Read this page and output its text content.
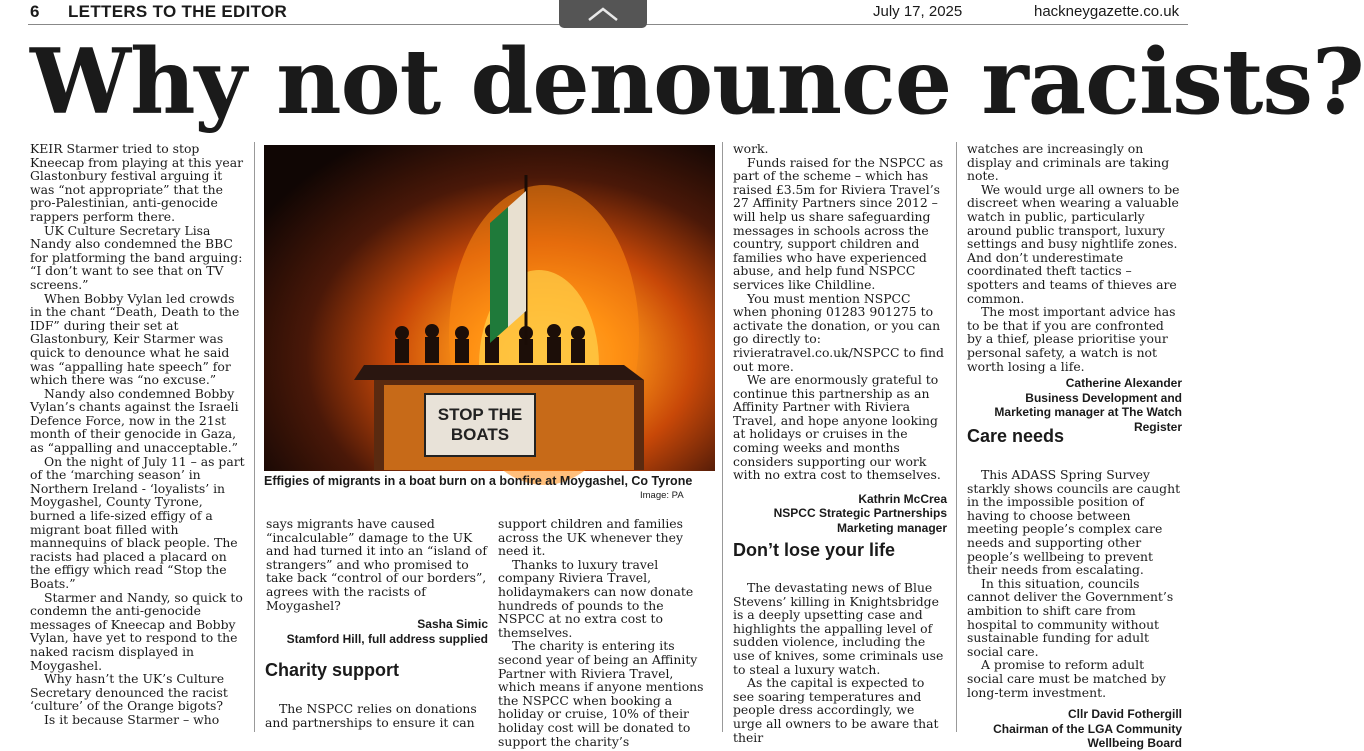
6 LETTERS TO THE EDITOR	July 17, 2025	hackneygazette.co.uk
Why not denounce racists?

KEIR Starmer tried to stop Kneecap from playing at this year Glastonbury festival arguing it was “not appropriate” that the pro-Palestinian, anti-genocide rappers perform there.

UK Culture Secretary Lisa Nandy also condemned the BBC for platforming the band arguing: “I don’t want to see that on TV screens.”

When Bobby Vylan led crowds in the chant “Death, Death to the IDF” during their set at Glastonbury, Keir Starmer was quick to denounce what he said was “appalling hate speech” for which there was “no excuse.”

Nandy also condemned Bobby Vylan’s chants against the Israeli Defence Force, now in the 21st month of their genocide in Gaza, as “appalling and unacceptable.”

On the night of July 11 – as part of the ‘marching season’ in Northern Ireland - ‘loyalists’ in Moygashel, County Tyrone, burned a life-sized effigy of a migrant boat filled with mannequins of black people. The racists had placed a placard on the effigy which read “Stop the Boats.”

Starmer and Nandy, so quick to condemn the anti-genocide messages of Kneecap and Bobby Vylan, have yet to respond to the naked racism displayed in Moygashel.

Why hasn’t the UK’s Culture Secretary denounced the racist ‘culture’ of the Orange bigots?

Is it because Starmer – who

STOP THE
BOATS
Effigies of migrants in a boat burn on a bonfire at Moygashel, Co Tyrone
Image: PA

says migrants have caused “incalculable” damage to the UK and had turned it into an “island of strangers” and who promised to take back “control of our borders”, agrees with the racists of Moygashel?

Sasha Simic
Stamford Hill, full address supplied
Charity support

The NSPCC relies on donations and partnerships to ensure it can

support children and families across the UK whenever they need it.

Thanks to luxury travel company Riviera Travel, holidaymakers can now donate hundreds of pounds to the NSPCC at no extra cost to themselves.

The charity is entering its second year of being an Affinity Partner with Riviera Travel, which means if anyone mentions the NSPCC when booking a holiday or cruise, 10% of their holiday cost will be donated to support the charity’s

work.

Funds raised for the NSPCC as part of the scheme – which has raised £3.5m for Riviera Travel’s 27 Affinity Partners since 2012 – will help us share safeguarding messages in schools across the country, support children and families who have experienced abuse, and help fund NSPCC services like Childline.

You must mention NSPCC when phoning 01283 901275 to activate the donation, or you can go directly to: rivieratravel.co.uk/NSPCC to find out more.

We are enormously grateful to continue this partnership as an Affinity Partner with Riviera Travel, and hope anyone looking at holidays or cruises in the coming weeks and months considers supporting our work with no extra cost to themselves.

Kathrin McCrea
NSPCC Strategic Partnerships
Marketing manager
Don’t lose your life

The devastating news of Blue Stevens’ killing in Knightsbridge is a deeply upsetting case and highlights the appalling level of sudden violence, including the use of knives, some criminals use to steal a luxury watch.

As the capital is expected to see soaring temperatures and people dress accordingly, we urge all owners to be aware that their

watches are increasingly on display and criminals are taking note.

We would urge all owners to be discreet when wearing a valuable watch in public, particularly around public transport, luxury settings and busy nightlife zones. And don’t underestimate coordinated theft tactics – spotters and teams of thieves are common.

The most important advice has to be that if you are confronted by a thief, please prioritise your personal safety, a watch is not worth losing a life.

Catherine Alexander
Business Development and
Marketing manager at The Watch
Register
Care needs

This ADASS Spring Survey starkly shows councils are caught in the impossible position of having to choose between meeting people’s complex care needs and supporting other people’s wellbeing to prevent their needs from escalating.

In this situation, councils cannot deliver the Government’s ambition to shift care from hospital to community without sustainable funding for adult social care.

A promise to reform adult social care must be matched by long-term investment.

Cllr David Fothergill
Chairman of the LGA Community
Wellbeing Board
